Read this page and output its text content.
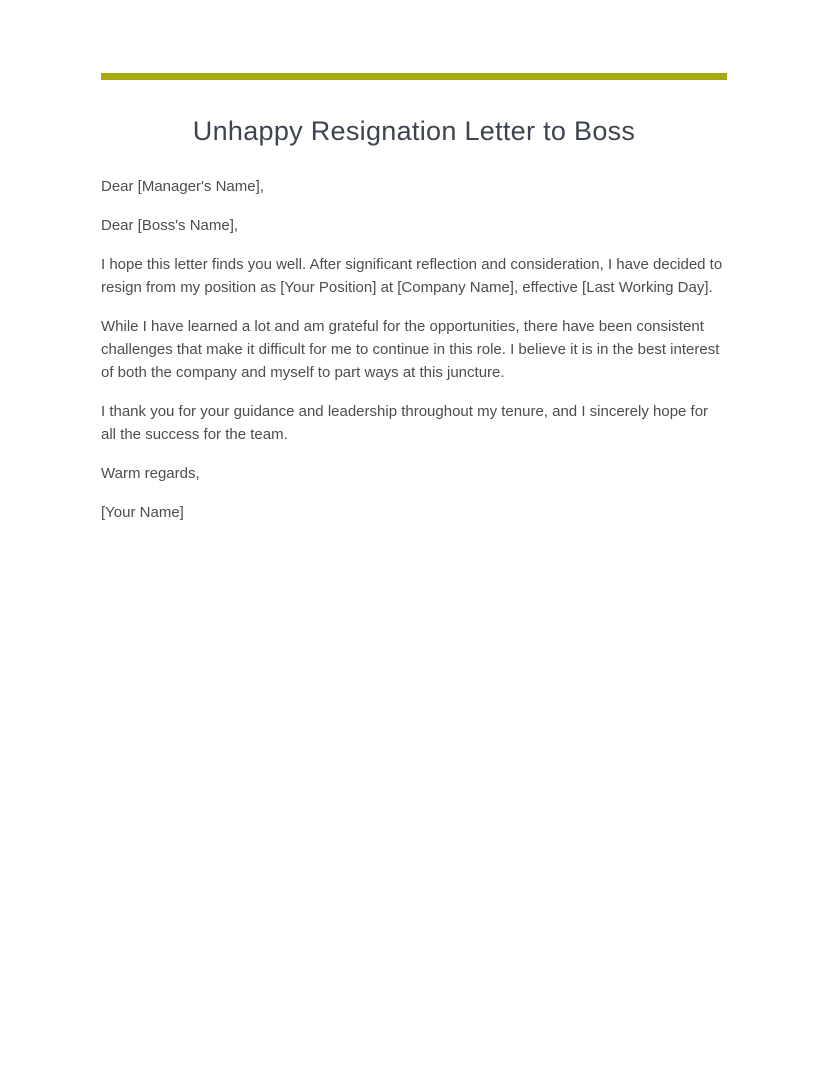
Unhappy Resignation Letter to Boss

Dear [Manager's Name],

Dear [Boss's Name],

I hope this letter finds you well. After significant reflection and consideration, I have decided to resign from my position as [Your Position] at [Company Name], effective [Last Working Day].

While I have learned a lot and am grateful for the opportunities, there have been consistent challenges that make it difficult for me to continue in this role. I believe it is in the best interest of both the company and myself to part ways at this juncture.

I thank you for your guidance and leadership throughout my tenure, and I sincerely hope for all the success for the team.

Warm regards,

[Your Name]
